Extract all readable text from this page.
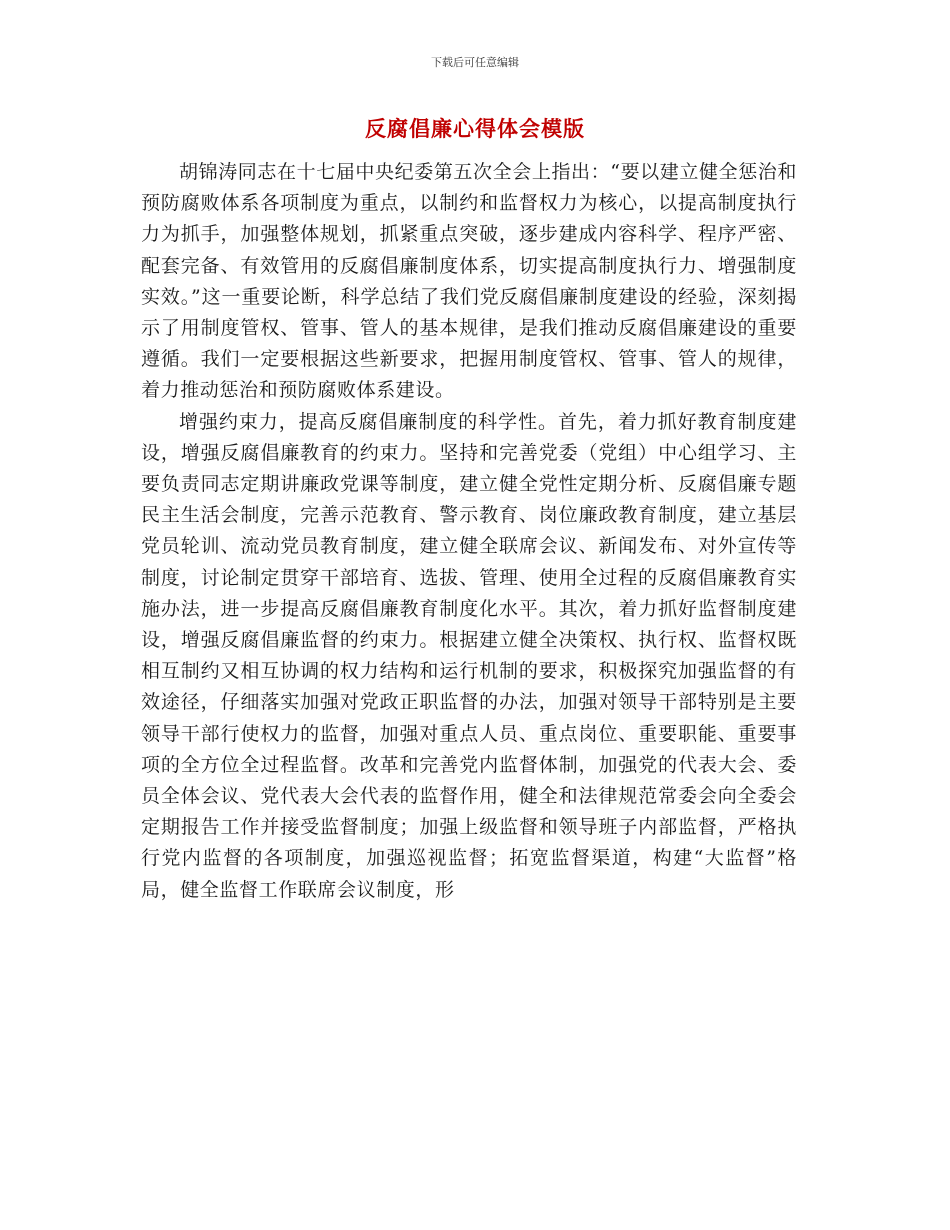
下载后可任意编辑
反腐倡廉心得体会模版

胡锦涛同志在十七届中央纪委第五次全会上指出：“要以建立健全惩治和预防腐败体系各项制度为重点，以制约和监督权力为核心，以提高制度执行力为抓手，加强整体规划，抓紧重点突破，逐步建成内容科学、程序严密、配套完备、有效管用的反腐倡廉制度体系，切实提高制度执行力、增强制度实效。”这一重要论断，科学总结了我们党反腐倡廉制度建设的经验，深刻揭示了用制度管权、管事、管人的基本规律，是我们推动反腐倡廉建设的重要遵循。我们一定要根据这些新要求，把握用制度管权、管事、管人的规律，着力推动惩治和预防腐败体系建设。

增强约束力，提高反腐倡廉制度的科学性。首先，着力抓好教育制度建设，增强反腐倡廉教育的约束力。坚持和完善党委（党组）中心组学习、主要负责同志定期讲廉政党课等制度，建立健全党性定期分析、反腐倡廉专题民主生活会制度，完善示范教育、警示教育、岗位廉政教育制度，建立基层党员轮训、流动党员教育制度，建立健全联席会议、新闻发布、对外宣传等制度，讨论制定贯穿干部培育、选拔、管理、使用全过程的反腐倡廉教育实施办法，进一步提高反腐倡廉教育制度化水平。其次，着力抓好监督制度建设，增强反腐倡廉监督的约束力。根据建立健全决策权、执行权、监督权既相互制约又相互协调的权力结构和运行机制的要求，积极探究加强监督的有效途径，仔细落实加强对党政正职监督的办法，加强对领导干部特别是主要领导干部行使权力的监督，加强对重点人员、重点岗位、重要职能、重要事项的全方位全过程监督。改革和完善党内监督体制，加强党的代表大会、委员全体会议、党代表大会代表的监督作用，健全和法律规范常委会向全委会定期报告工作并接受监督制度；加强上级监督和领导班子内部监督，严格执行党内监督的各项制度，加强巡视监督；拓宽监督渠道，构建“大监督”格局，健全监督工作联席会议制度，形
